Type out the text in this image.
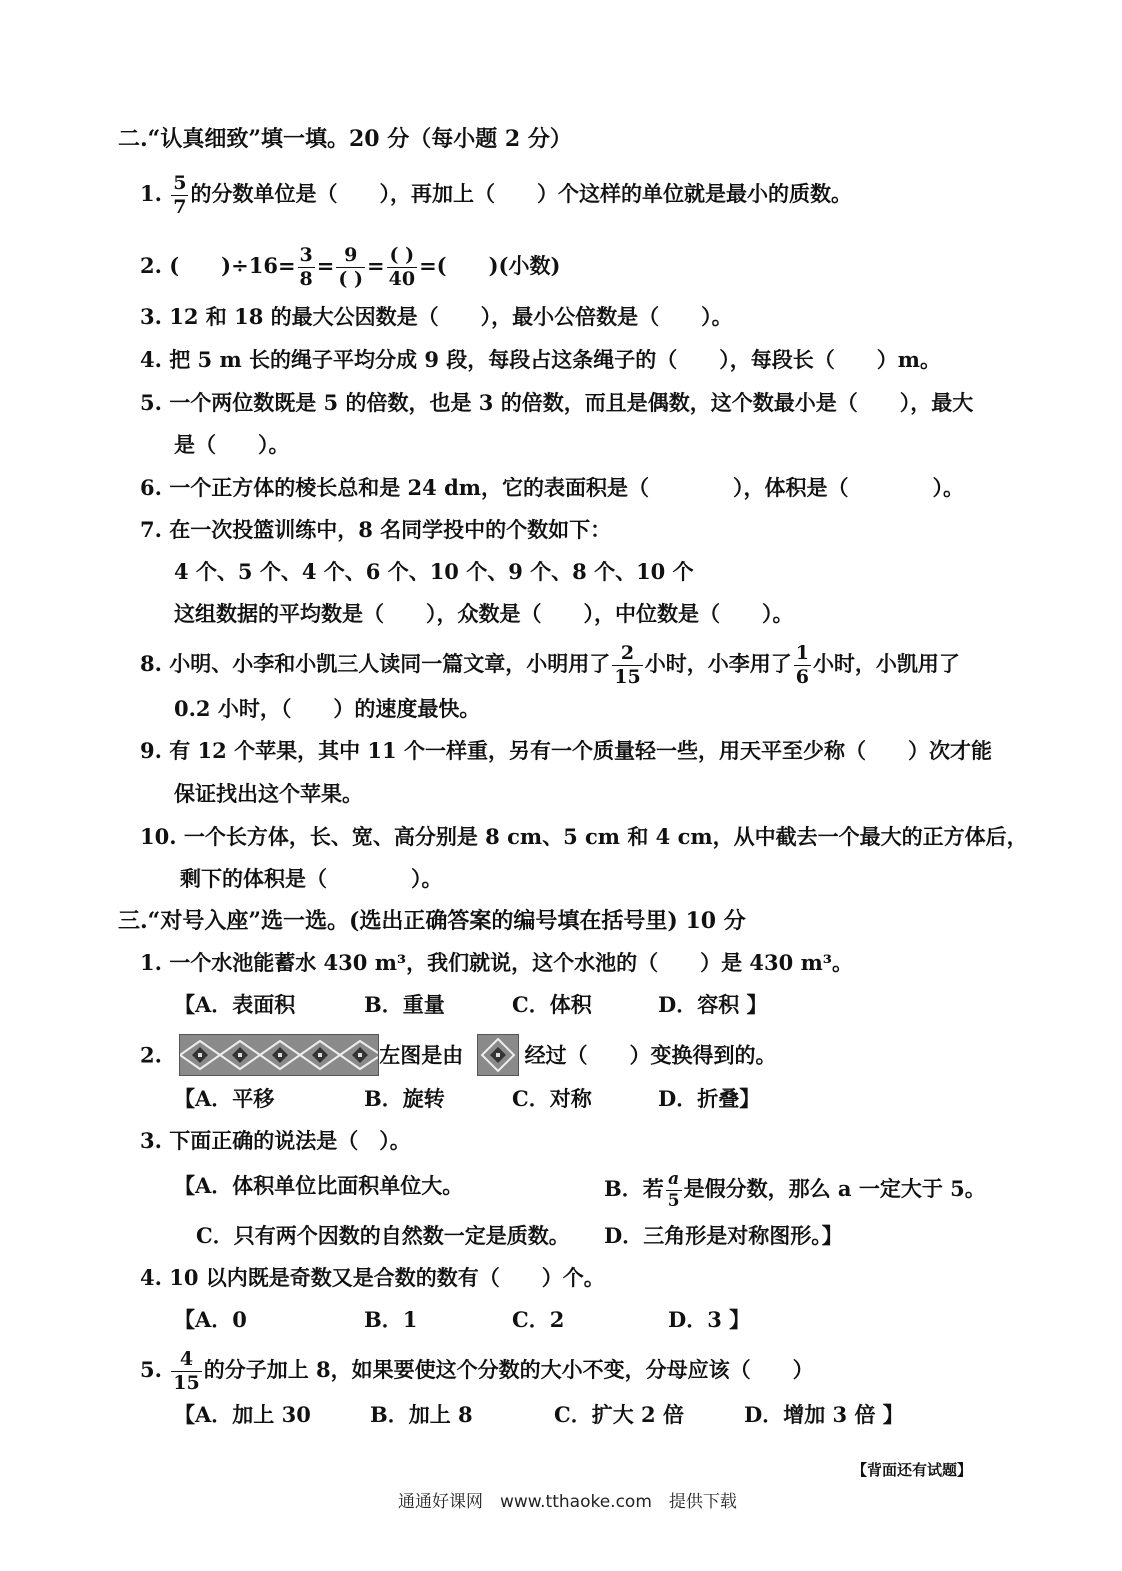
二.“认真细致”填一填。20 分（每小题 2 分）
1. $\frac{5}{7}$ 的分数单位是（　　），再加上（　　）个这样的单位就是最小的质数。
2. (　　)$\div 16= \frac{3}{8} = \frac{9}{( )} = \frac{( )}{40}$ =(　　)(小数)
3. 12 和 18 的最大公因数是（　　），最小公倍数是（　　）。
4. 把 5 m 长的绳子平均分成 9 段，每段占这条绳子的（　　），每段长（　　）m。
5. 一个两位数既是 5 的倍数，也是 3 的倍数，而且是偶数，这个数最小是（　　），最大
是（　　）。
6. 一个正方体的棱长总和是 24 dm，它的表面积是（　　　　），体积是（　　　　）。
7. 在一次投篮训练中，8 名同学投中的个数如下：
4 个、5 个、4 个、6 个、10 个、9 个、8 个、10 个
这组数据的平均数是（　　），众数是（　　），中位数是（　　）。
8. 小明、小李和小凯三人读同一篇文章，小明用了 $\frac{2}{15}$ 小时，小李用了 $\frac{1}{6}$ 小时，小凯用了
0.2 小时，（　　）的速度最快。
9. 有 12 个苹果，其中 11 个一样重，另有一个质量轻一些，用天平至少称（　　）次才能
保证找出这个苹果。
10. 一个长方体，长、宽、高分别是 8 cm、5 cm 和 4 cm，从中截去一个最大的正方体后，
剩下的体积是（　　　　）。
三.“对号入座”选一选。(选出正确答案的编号填在括号里) 10 分
1. 一个水池能蓄水 430 m³，我们就说，这个水池的（　　）是 430 m³。
【A．表面积	B．重量	C．体积	D．容积 】
2.	左图是由	经过（　　）变换得到的。
【A．平移	B．旋转	C．对称	D．折叠】
3. 下面正确的说法是（　）。
【A．体积单位比面积单位大。	B．若 $\frac{a}{5}$ 是假分数，那么 a 一定大于 5。
C．只有两个因数的自然数一定是质数。 D．三角形是对称图形。】
4. 10 以内既是奇数又是合数的数有（　　）个。
【A．0	B．1	C．2	D．3 】
5. $\frac{4}{15}$ 的分子加上 8，如果要使这个分数的大小不变，分母应该（　　）
【A．加上 30	B．加上 8	C．扩大 2 倍	D．增加 3 倍 】
【背面还有试题】
通通好课网　www.tthaoke.com　提供下载
